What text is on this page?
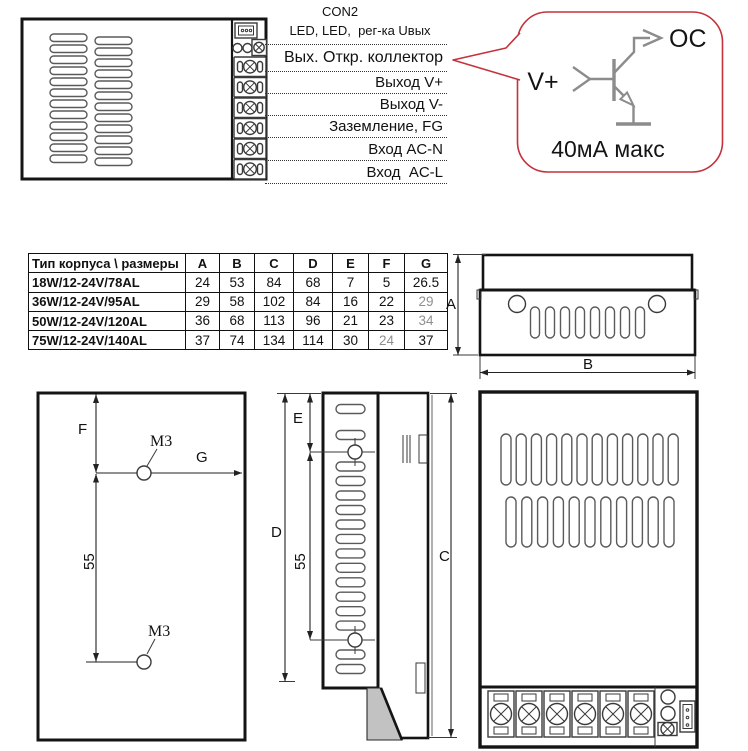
CON2
LED, LED,  рег-ка Uвых
Вых. Откр. коллектор
Выход V+
Выход V-
Заземление, FG
Вход AC-N
Вход  AC-L
V+
OC
40мА макс
Тип корпуса \ размеры	A	B	C	D	E	F	G
18W/12-24V/78AL	24	53	84	68	7	5	26.5
36W/12-24V/95AL	29	58	102	84	16	22	29
50W/12-24V/120AL	36	68	113	96	21	23	34
75W/12-24V/140AL	37	74	134	114	30	24	37
A
B
F
55
G
M3
M3
D
E
55	C
